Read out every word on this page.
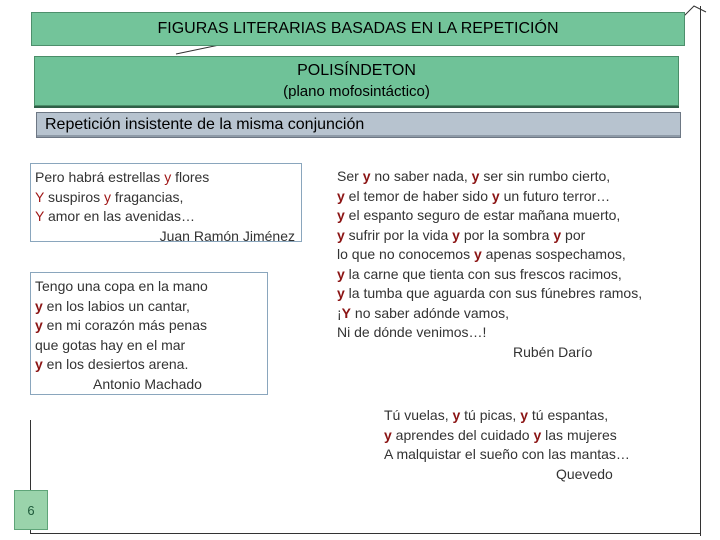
FIGURAS LITERARIAS BASADAS EN LA REPETICIÓN
POLISÍNDETON
(plano mofosintáctico)
Repetición insistente de la misma conjunción
Pero habrá estrellas y flores
Y suspiros y fragancias,
Y amor en las avenidas…
Juan Ramón Jiménez
Tengo una copa en la mano
y en los labios un cantar,
y en mi corazón más penas
que gotas hay en el mar
y en los desiertos arena.
Antonio Machado
Ser y no saber nada, y ser sin rumbo cierto,
y el temor de haber sido y un futuro terror…
y el espanto seguro de estar mañana muerto,
y sufrir por la vida y por la sombra y por
lo que no conocemos y apenas sospechamos,
y la carne que tienta con sus frescos racimos,
y la tumba que aguarda con sus fúnebres ramos,
¡Y no saber adónde vamos,
Ni de dónde venimos…!
Rubén Darío
Tú vuelas, y tú picas, y tú espantas,
y aprendes del cuidado y las mujeres
A malquistar el sueño con las mantas…
Quevedo
6
